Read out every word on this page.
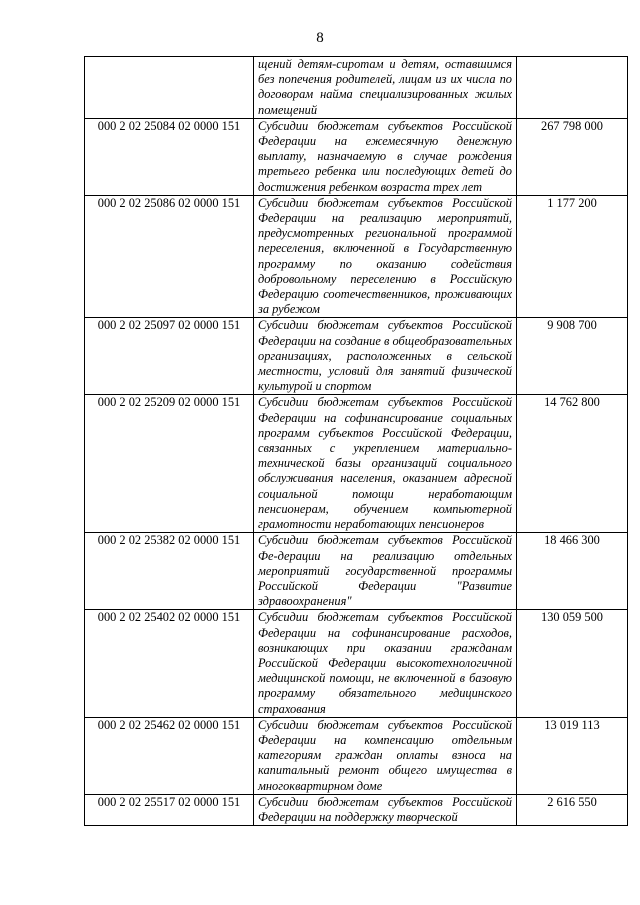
8
	щений детям-сиротам и детям, оставшимся без попечения родителей, лицам из их числа по договорам найма специализированных жилых помещений	
000 2 02 25084 02 0000 151	Субсидии бюджетам субъектов Российской Федерации на ежемесячную денежную выплату, назначаемую в случае рождения третьего ребенка или последующих детей до достижения ребенком возраста трех лет	267 798 000
000 2 02 25086 02 0000 151	Субсидии бюджетам субъектов Российской Федерации на реализацию мероприятий, предусмотренных региональной программой переселения, включенной в Государственную программу по оказанию содействия добровольному переселению в Российскую Федерацию соотечественников, проживающих за рубежом	1 177 200
000 2 02 25097 02 0000 151	Субсидии бюджетам субъектов Российской Федерации на создание в общеобразовательных организациях, расположенных в сельской местности, условий для занятий физической культурой и спортом	9 908 700
000 2 02 25209 02 0000 151	Субсидии бюджетам субъектов Российской Федерации на софинансирование социальных программ субъектов Российской Федерации, связанных с укреплением материально-технической базы организаций социального обслуживания населения, оказанием адресной социальной помощи неработающим пенсионерам, обучением компьютерной грамотности неработающих пенсионеров	14 762 800
000 2 02 25382 02 0000 151	Субсидии бюджетам субъектов Российской Фе-дерации на реализацию отдельных мероприятий государственной программы Российской Федерации "Развитие здравоохранения"	18 466 300
000 2 02 25402 02 0000 151	Субсидии бюджетам субъектов Российской Федерации на софинансирование расходов, возникающих при оказании гражданам Российской Федерации высокотехнологичной медицинской помощи, не включенной в базовую программу обязательного медицинского страхования	130 059 500
000 2 02 25462 02 0000 151	Субсидии бюджетам субъектов Российской Федерации на компенсацию отдельным категориям граждан оплаты взноса на капитальный ремонт общего имущества в многоквартирном доме	13 019 113
000 2 02 25517 02 0000 151	Субсидии бюджетам субъектов Российской Федерации на поддержку творческой	2 616 550
